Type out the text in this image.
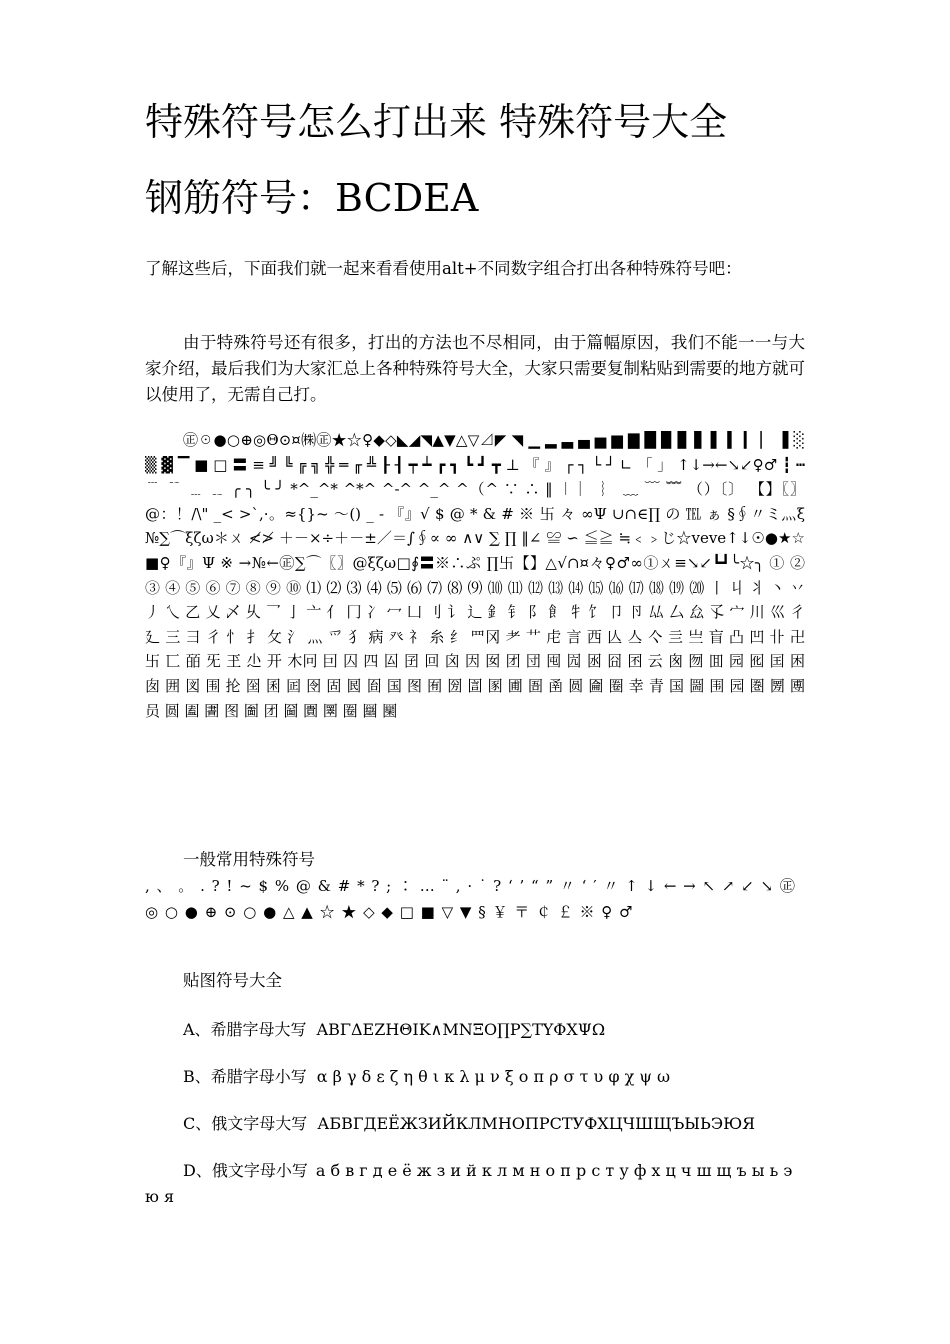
特殊符号怎么打出来 特殊符号大全
钢筋符号：BCDEA
了解这些后，下面我们就一起来看看使用alt+不同数字组合打出各种特殊符号吧：
由于特殊符号还有很多，打出的方法也不尽相同，由于篇幅原因，我们不能一一与大家介绍，最后我们为大家汇总上各种特殊符号大全，大家只需要复制粘贴到需要的地方就可以使用了，无需自己打。
㊣☉●○⊕◎Θ⊙¤㈱㊣★☆♀◆◇◣◢◥▲▼△▽⊿◤ ◥ ▁ ▂ ▃ ▄ ▅ ▆ ▇ █ ▉ ▊ ▋ ▌ ▍ ▎ ▏ ▐ ░ ▒ ▓ ▔ ■ □ 〓 ≡ ╝ ╚ ╔ ╗ ╬ ═ ╓ ╩ ┠ ┨ ┯ ┷ ┏ ┓ ┗ ┛ ┳ ⊥ 『 』 ┌ ┐ └ ┘ ∟ 「 」 ↑↓→←↘↙♀♂ ┇ ┅ ﹉ ﹊ ﹍ ﹎ ╭ ╮ ╰ ╯ *^_^* ^*^ ^-^ ^_^ ^（^ ∵ ∴ ‖ ︱ ︳ ︴ ﹏ ﹋ ﹌ （）〔〕 【】〖〗 @：！/\" _< >`,·。≈{}~ ～() _ - 『』√ $ @ * & # ※ 卐 々 ∞Ψ ∪∩∈∏ の ℡ ぁ §∮〃ミ灬ξ№∑⌒ξζω＊ㄨ ≮≯ ＋－×÷＋－±／＝∫∮∝ ∞ ∧∨ ∑ ∏ ‖∠ ≌ ∽ ≦≧ ≒﹤﹥じ☆veve↑↓☉●★☆■♀『』Ψ ※ →№←㊣∑⌒〖〗@ξζω□∮〓※∴ぷ ∏卐【】△√∩¤々♀♂∞①ㄨ≡↘↙┗┛╰☆╮ ① ② ③ ④ ⑤ ⑥ ⑦ ⑧ ⑨ ⑩ ⑴ ⑵ ⑶ ⑷ ⑸ ⑹ ⑺ ⑻ ⑼ ⑽ ⑾ ⑿ ⒀ ⒁ ⒂ ⒃ ⒄ ⒅ ⒆ ⒇ 丨 丩 丬 丶 丷 丿 乀 乙 乂 乄 乆 乛 亅 亠 亻 冂 冫 冖 凵 刂 讠 辶 釒 钅 阝 飠 牜 饣 卩 卪 厸 厶 厽 孓 宀 川 巛 彳 廴 三 彐 彳 忄 扌 攵 氵 灬 爫 犭 病 癶 礻 糸 纟 罒冈 耂 艹 虍 言 西 亾 亼 亽 亖 亗 盲 凸 凹 卝 卍 卐 匸 皕 旡 玊 尐 开 木冋 囙 囚 四 囜 囝 回 囟 因 囡 团 団 囤 囥 囦 囧 囨 云 囪 囫 囬 园 囮 囯 困 囱 囲 図 围 抡 囶 囷 囸 囹 固 囻 囼 国 图 囿 圀 圁 圂 圃 圄 圅 圆 圇 圈 幸 青 国 圌 围 园 圏 圐 圑 员 圆 圔 圕 图 圗 团 圙 圚 圛 圈 圝 圞
一般常用特殊符号
, 、 。 . ? ! ~ $ % @ & # * ? ; ∶ … ¨ , · ˙ ? ‘ ’ “ ” 〃 ‘ ′ 〃 ↑ ↓ ← → ↖ ↗ ↙ ↘ ㊣ ◎ ○ ● ⊕ ⊙ ○ ● △ ▲ ☆ ★ ◇ ◆ □ ■ ▽ ▼ § ￥ 〒 ￠ ￡ ※ ♀ ♂
贴图符号大全
A、希腊字母大写 ΑΒΓΔΕΖΗΘΙΚ∧ΜΝΞΟ∏Ρ∑ΤΥΦΧΨΩ
B、希腊字母小写 α β γ δ ε ζ η θ ι κ λ μ ν ξ ο π ρ σ τ υ φ χ ψ ω
C、俄文字母大写 АБВГДЕЁЖЗИЙКЛМНОПРСТУФХЦЧШЩЪЫЬЭЮЯ
D、俄文字母小写 а б в г д е ё ж з и й к л м н о п р с т у ф х ц ч ш щ ъ ы ь э ю я
